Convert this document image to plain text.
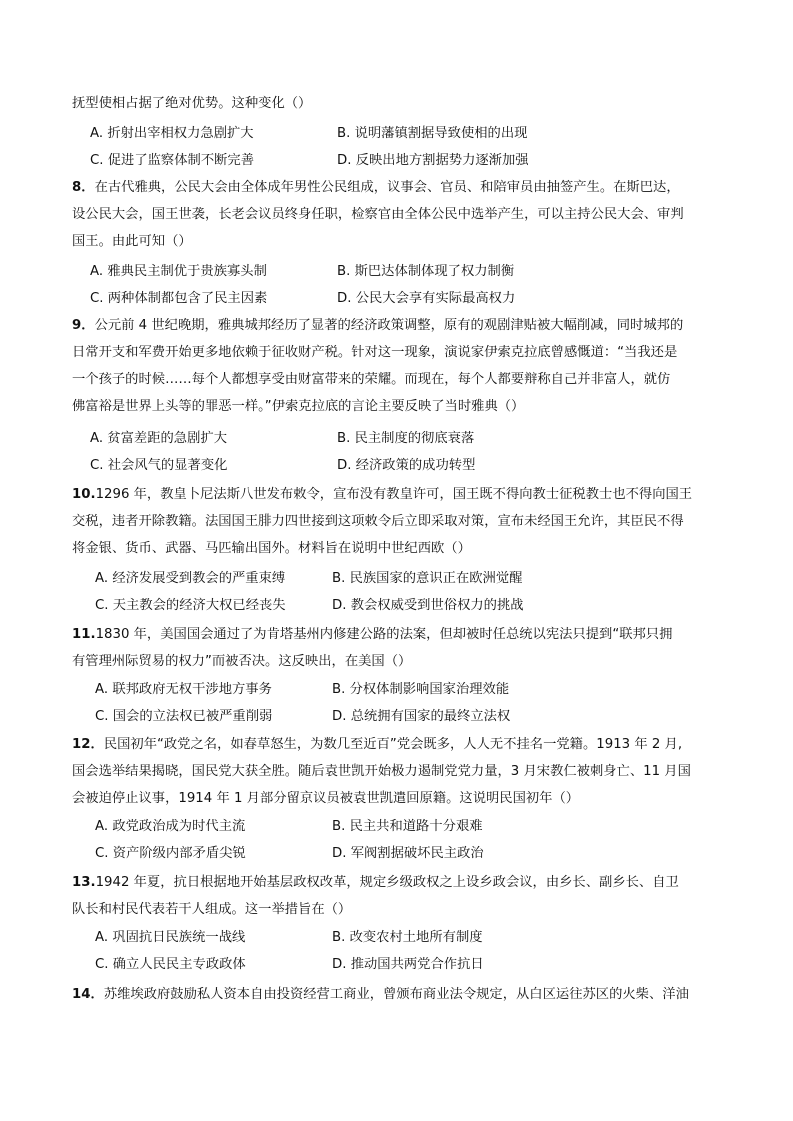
抚型使相占据了绝对优势。这种变化（）
A. 折射出宰相权力急剧扩大	B. 说明藩镇割据导致使相的出现
C. 促进了监察体制不断完善	D. 反映出地方割据势力逐渐加强
8．在古代雅典，公民大会由全体成年男性公民组成，议事会、官员、和陪审员由抽签产生。在斯巴达，
设公民大会，国王世袭，长老会议员终身任职，检察官由全体公民中选举产生，可以主持公民大会、审判
国王。由此可知（）
A. 雅典民主制优于贵族寡头制	B. 斯巴达体制体现了权力制衡
C. 两种体制都包含了民主因素	D. 公民大会享有实际最高权力
9．公元前 4 世纪晚期，雅典城邦经历了显著的经济政策调整，原有的观剧津贴被大幅削减，同时城邦的
日常开支和军费开始更多地依赖于征收财产税。针对这一现象，演说家伊索克拉底曾感慨道：“当我还是
一个孩子的时候……每个人都想享受由财富带来的荣耀。而现在，每个人都要辩称自己并非富人，就仿
佛富裕是世界上头等的罪恶一样。”伊索克拉底的言论主要反映了当时雅典（）
A. 贫富差距的急剧扩大	B. 民主制度的彻底衰落
C. 社会风气的显著变化	D. 经济政策的成功转型
10.1296 年，教皇卜尼法斯八世发布敕令，宣布没有教皇许可，国王既不得向教士征税教士也不得向国王
交税，违者开除教籍。法国国王腓力四世接到这项敕令后立即采取对策，宣布未经国王允许，其臣民不得
将金银、货币、武器、马匹输出国外。材料旨在说明中世纪西欧（）
A. 经济发展受到教会的严重束缚	B. 民族国家的意识正在欧洲觉醒
C. 天主教会的经济大权已经丧失	D. 教会权威受到世俗权力的挑战
11.1830 年，美国国会通过了为肯塔基州内修建公路的法案，但却被时任总统以宪法只提到“联邦只拥
有管理州际贸易的权力”而被否决。这反映出，在美国（）
A. 联邦政府无权干涉地方事务	B. 分权体制影响国家治理效能
C. 国会的立法权已被严重削弱	D. 总统拥有国家的最终立法权
12．民国初年“政党之名，如春草怒生，为数几至近百”党会既多，人人无不挂名一党籍。1913 年 2 月,
国会选举结果揭晓，国民党大获全胜。随后袁世凯开始极力遏制党党力量，3 月宋教仁被刺身亡、11 月国
会被迫停止议事，1914 年 1 月部分留京议员被袁世凯遣回原籍。这说明民国初年（）
A. 政党政治成为时代主流	B. 民主共和道路十分艰难
C. 资产阶级内部矛盾尖锐	D. 军阀割据破坏民主政治
13.1942 年夏，抗日根据地开始基层政权改革，规定乡级政权之上设乡政会议，由乡长、副乡长、自卫
队长和村民代表若干人组成。这一举措旨在（）
A. 巩固抗日民族统一战线	B. 改变农村土地所有制度
C. 确立人民民主专政政体	D. 推动国共两党合作抗日
14．苏维埃政府鼓励私人资本自由投资经营工商业，曾颁布商业法令规定，从白区运往苏区的火柴、洋油
